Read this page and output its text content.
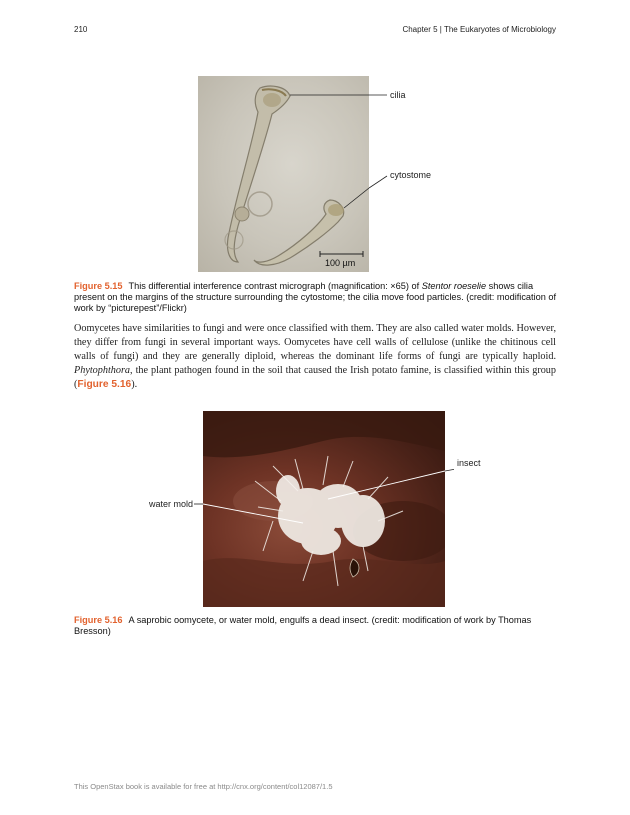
210	Chapter 5 | The Eukaryotes of Microbiology
100 µm
cilia
cytostome
Figure 5.15 This differential interference contrast micrograph (magnification: ×65) of Stentor roeselie shows cilia present on the margins of the structure surrounding the cytostome; the cilia move food particles. (credit: modification of work by “picturepest”/Flickr)
Oomycetes have similarities to fungi and were once classified with them. They are also called water molds. However, they differ from fungi in several important ways. Oomycetes have cell walls of cellulose (unlike the chitinous cell walls of fungi) and they are generally diploid, whereas the dominant life forms of fungi are typically haploid. Phytophthora, the plant pathogen found in the soil that caused the Irish potato famine, is classified within this group (Figure 5.16).
insect
water mold
Figure 5.16 A saprobic oomycete, or water mold, engulfs a dead insect. (credit: modification of work by Thomas Bresson)
This OpenStax book is available for free at http://cnx.org/content/col12087/1.5
